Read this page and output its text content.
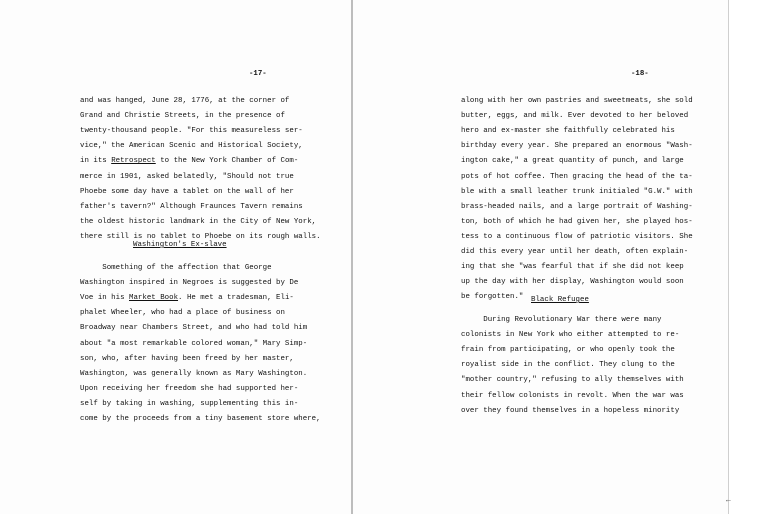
-17-
and was hanged, June 28, 1776, at the corner of
Grand and Christie Streets, in the presence of
twenty-thousand people. "For this measureless ser-
vice," the American Scenic and Historical Society,
in its Retrospect to the New York Chamber of Com-
merce in 1901, asked belatedly, "Should not true
Phoebe some day have a tablet on the wall of her
father's tavern?" Although Fraunces Tavern remains
the oldest historic landmark in the City of New York,
there still is no tablet to Phoebe on its rough walls.
Washington's Ex-slave
Something of the affection that George
Washington inspired in Negroes is suggested by De
Voe in his Market Book. He met a tradesman, Eli-
phalet Wheeler, who had a place of business on
Broadway near Chambers Street, and who had told him
about "a most remarkable colored woman," Mary Simp-
son, who, after having been freed by her master,
Washington, was generally known as Mary Washington.
Upon receiving her freedom she had supported her-
self by taking in washing, supplementing this in-
come by the proceeds from a tiny basement store where,
-18-
along with her own pastries and sweetmeats, she sold
butter, eggs, and milk. Ever devoted to her beloved
hero and ex-master she faithfully celebrated his
birthday every year. She prepared an enormous "Wash-
ington cake," a great quantity of punch, and large
pots of hot coffee. Then gracing the head of the ta-
ble with a small leather trunk initialed "G.W." with
brass-headed nails, and a large portrait of Washing-
ton, both of which he had given her, she played hos-
tess to a continuous flow of patriotic visitors. She
did this every year until her death, often explain-
ing that she "was fearful that if she did not keep
up the day with her display, Washington would soon
be forgotten." Black Refugee
During Revolutionary War there were many
colonists in New York who either attempted to re-
frain from participating, or who openly took the
royalist side in the conflict. They clung to the
"mother country," refusing to ally themselves with
their fellow colonists in revolt. When the war was
over they found themselves in a hopeless minority
←
